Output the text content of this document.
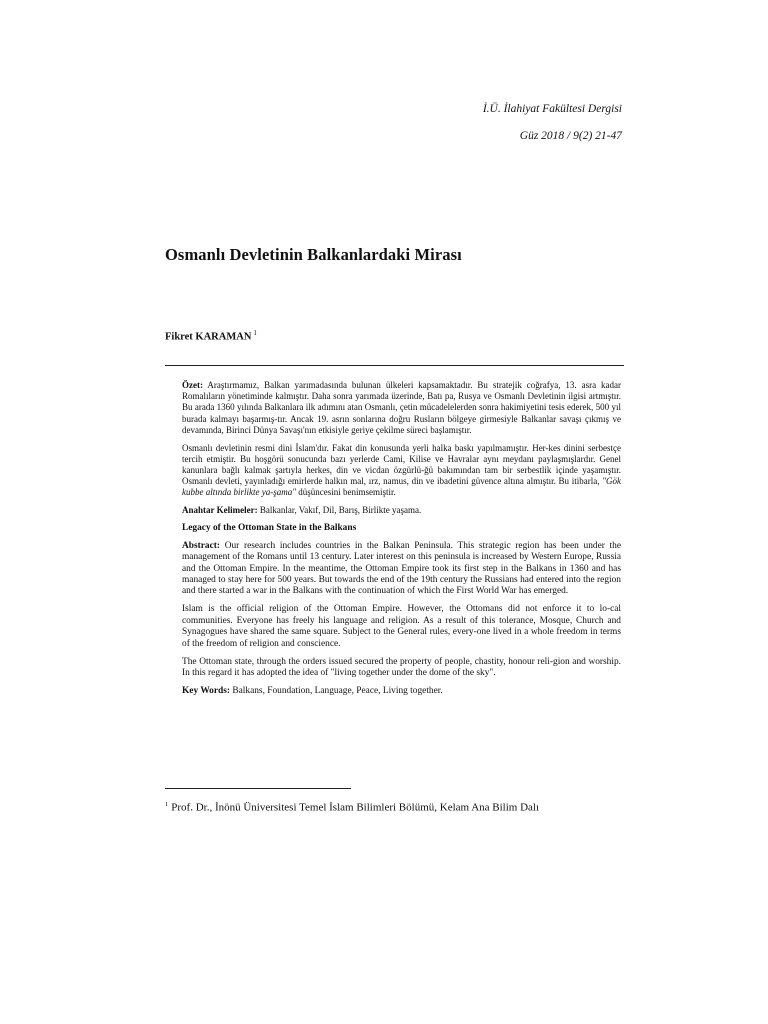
İ.Ü. İlahiyat Fakültesi Dergisi
Güz 2018 / 9(2) 21-47
Osmanlı Devletinin Balkanlardaki Mirası
Fikret KARAMAN $^1$

Özet: Araştırmamız, Balkan yarımadasında bulunan ülkeleri kapsamaktadır. Bu stratejik coğrafya, 13. asra kadar Romalıların yönetiminde kalmıştır. Daha sonra yarımada üzerinde, Batı pa, Rusya ve Osmanlı Devletinin ilgisi artmıştır. Bu arada 1360 yılında Balkanlara ilk adımını atan Osmanlı, çetin mücadelelerden sonra hakimiyetini tesis ederek, 500 yıl burada kalmayı başarmış-tır. Ancak 19. asrın sonlarına doğru Rusların bölgeye girmesiyle Balkanlar savaşı çıkmış ve devamında, Birinci Dünya Savaşı'nın etkisiyle geriye çekilme süreci başlamıştır.

Osmanlı devletinin resmi dini İslam'dır. Fakat din konusunda yerli halka baskı yapılmamıştır. Her-kes dinini serbestçe tercih etmiştir. Bu hoşgörü sonucunda bazı yerlerde Cami, Kilise ve Havralar aynı meydanı paylaşmışlardır. Genel kanunlara bağlı kalmak şartıyla herkes, din ve vicdan özgürlü-ğü bakımından tam bir serbestlik içinde yaşamıştır. Osmanlı devleti, yayınladığı emirlerde halkın mal, ırz, namus, din ve ibadetini güvence altına almıştır. Bu itibarla, "Gök kubbe altında birlikte ya-şama" düşüncesini benimsemiştir.

Anahtar Kelimeler: Balkanlar, Vakıf, Dil, Barış, Birlikte yaşama.

Legacy of the Ottoman State in the Balkans

Abstract: Our research includes countries in the Balkan Peninsula. This strategic region has been under the management of the Romans until 13 century. Later interest on this peninsula is increased by Western Europe, Russia and the Ottoman Empire. In the meantime, the Ottoman Empire took its first step in the Balkans in 1360 and has managed to stay here for 500 years. But towards the end of the 19th century the Russians had entered into the region and there started a war in the Balkans with the continuation of which the First World War has emerged.

Islam is the official religion of the Ottoman Empire. However, the Ottomans did not enforce it to lo-cal communities. Everyone has freely his language and religion. As a result of this tolerance, Mosque, Church and Synagogues have shared the same square. Subject to the General rules, every-one lived in a whole freedom in terms of the freedom of religion and conscience.

The Ottoman state, through the orders issued secured the property of people, chastity, honour reli-gion and worship. In this regard it has adopted the idea of "living together under the dome of the sky".

Key Words: Balkans, Foundation, Language, Peace, Living together.

$^1$ Prof. Dr., İnönü Üniversitesi Temel İslam Bilimleri Bölümü, Kelam Ana Bilim Dalı
